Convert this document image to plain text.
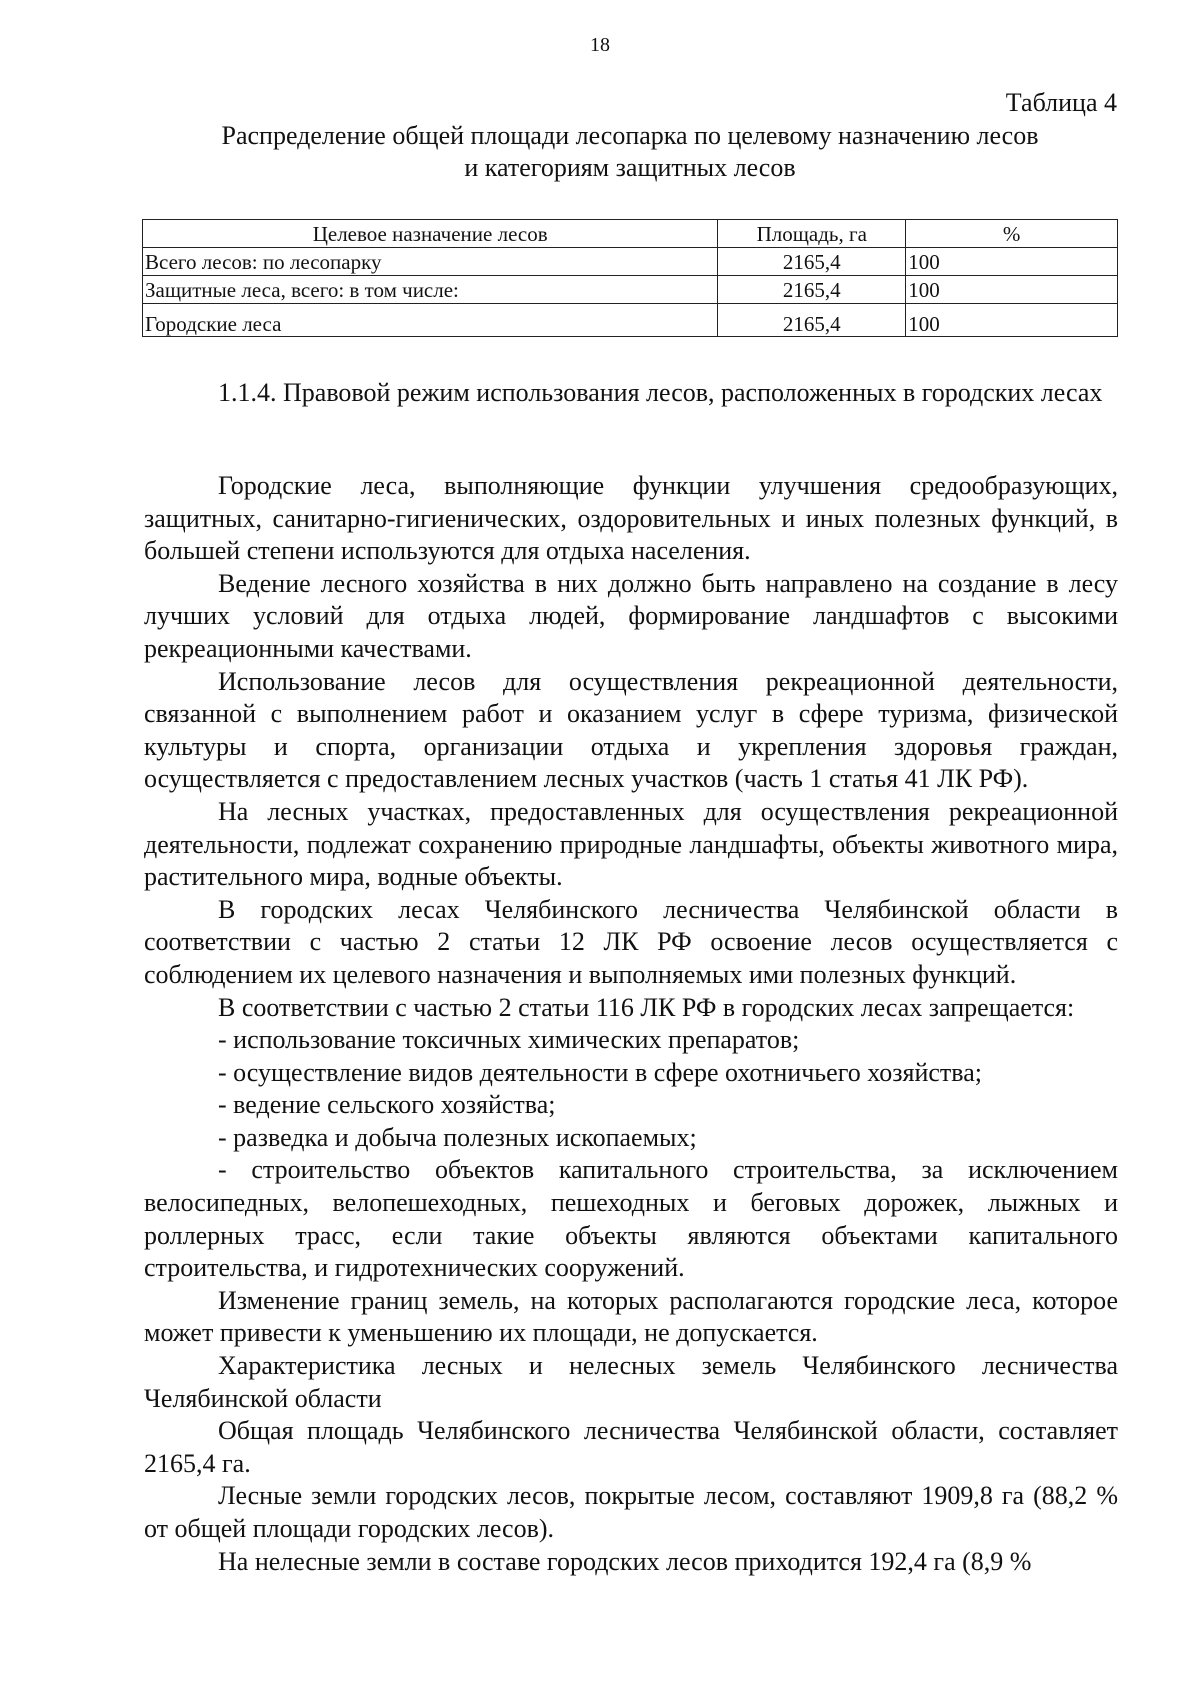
18
Таблица 4
Распределение общей площади лесопарка по целевому назначению лесов
и категориям защитных лесов
Целевое назначение лесов	Площадь, га	%
Всего лесов: по лесопарку	2165,4	100
Защитные леса, всего: в том числе:	2165,4	100
Городские леса	2165,4	100
1.1.4. Правовой режим использования лесов, расположенных в городских лесах

Городские леса, выполняющие функции улучшения средообразующих, защитных, санитарно-гигиенических, оздоровительных и иных полезных функций, в большей степени используются для отдыха населения.

Ведение лесного хозяйства в них должно быть направлено на создание в лесу лучших условий для отдыха людей, формирование ландшафтов с высокими рекреационными качествами.

Использование лесов для осуществления рекреационной деятельности, связанной с выполнением работ и оказанием услуг в сфере туризма, физической культуры и спорта, организации отдыха и укрепления здоровья граждан, осуществляется с предоставлением лесных участков (часть 1 статья 41 ЛК РФ).

На лесных участках, предоставленных для осуществления рекреационной деятельности, подлежат сохранению природные ландшафты, объекты животного мира, растительного мира, водные объекты.

В городских лесах Челябинского лесничества Челябинской области в соответствии с частью 2 статьи 12 ЛК РФ освоение лесов осуществляется с соблюдением их целевого назначения и выполняемых ими полезных функций.

В соответствии с частью 2 статьи 116 ЛК РФ в городских лесах запрещается:

- использование токсичных химических препаратов;

- осуществление видов деятельности в сфере охотничьего хозяйства;

- ведение сельского хозяйства;

- разведка и добыча полезных ископаемых;

- строительство объектов капитального строительства, за исключением велосипедных, велопешеходных, пешеходных и беговых дорожек, лыжных и роллерных трасс, если такие объекты являются объектами капитального строительства, и гидротехнических сооружений.

Изменение границ земель, на которых располагаются городские леса, которое может привести к уменьшению их площади, не допускается.

Характеристика лесных и нелесных земель Челябинского лесничества Челябинской области

Общая площадь Челябинского лесничества Челябинской области, составляет 2165,4 га.

Лесные земли городских лесов, покрытые лесом, составляют 1909,8 га (88,2 % от общей площади городских лесов).

На нелесные земли в составе городских лесов приходится 192,4 га (8,9 %
